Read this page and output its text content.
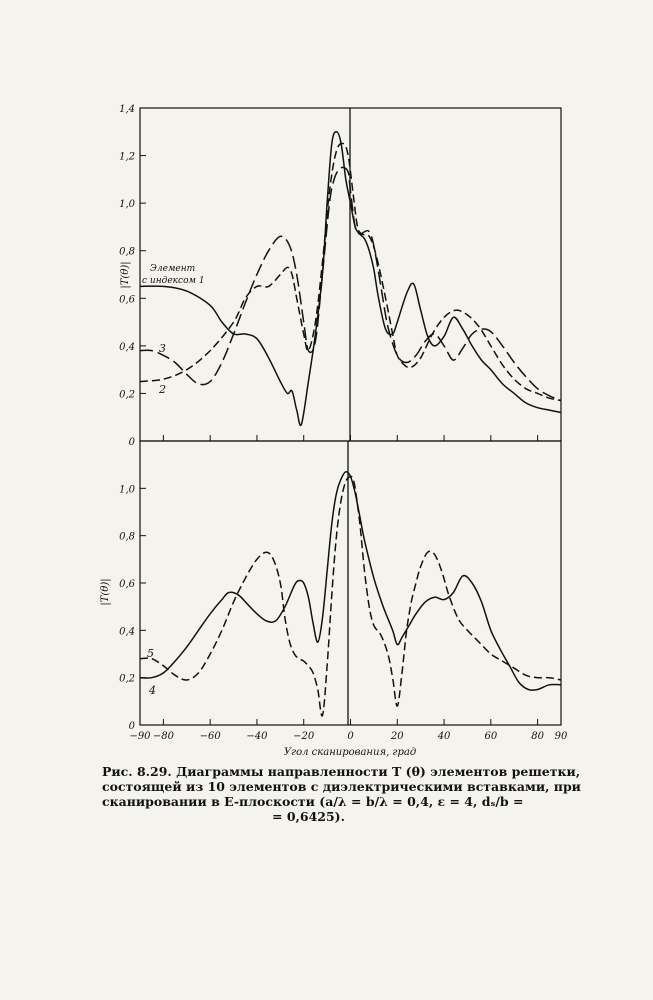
0
0,2
0,4
0,6
0,8
1,0
1,2
1,4
2
3
|T(θ)| Элемент
с индексом 1
0
0,2
0,4
0,6
0,8
1,0
−90 −80	−60	−40	−20	0	20	40	60	80 90
4
5
|T(θ)|
Угол сканирования, град
Рис. 8.29. Диаграммы направленности T (θ) элементов решетки,
состоящей из 10 элементов с диэлектрическими вставками, при
сканировании в E-плоскости (a/λ = b/λ = 0,4, ε = 4, dₛ/b =
= 0,6425).
